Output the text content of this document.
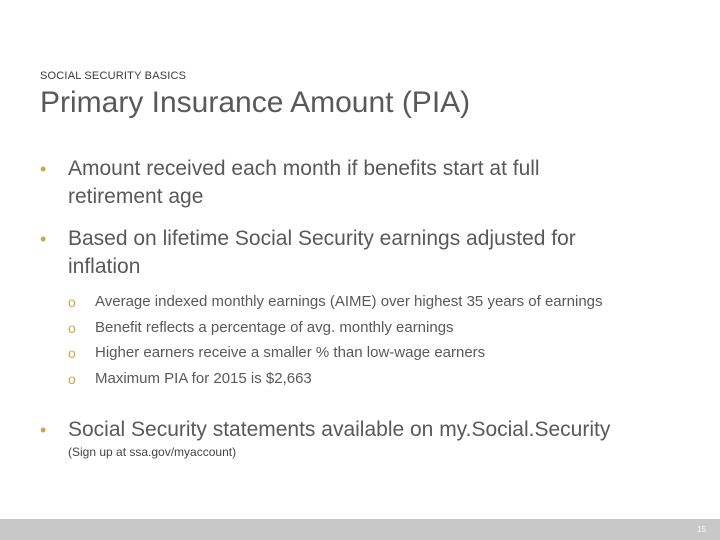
SOCIAL SECURITY BASICS
Primary Insurance Amount (PIA)
•	Amount received each month if benefits start at full retirement age
•	Based on lifetime Social Security earnings adjusted for inflation
o Average indexed monthly earnings (AIME) over highest 35 years of earnings
o Benefit reflects a percentage of avg. monthly earnings
o Higher earners receive a smaller % than low-wage earners
o Maximum PIA for 2015 is $2,663
•	Social Security statements available on my.Social.Security
(Sign up at ssa.gov/myaccount)
15
